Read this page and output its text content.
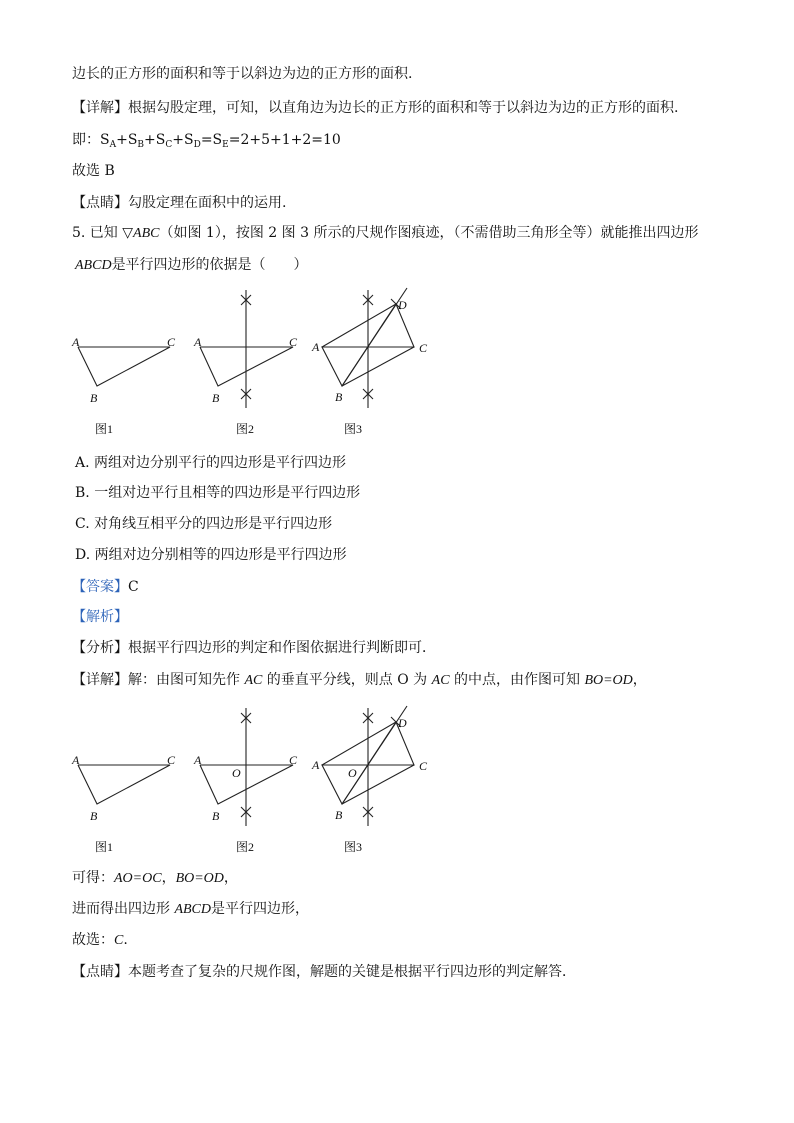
边长的正方形的面积和等于以斜边为边的正方形的面积.
【详解】根据勾股定理，可知，以直角边为边长的正方形的面积和等于以斜边为边的正方形的面积.
即：$S_A+S_B+S_C+S_D=S_E=2+5+1+2=10$
故选 B
【点睛】勾股定理在面积中的运用.
5. 已知 ▽ABC（如图 1），按图 2 图 3 所示的尺规作图痕迹，（不需借助三角形全等）就能推出四边形
ABCD是平行四边形的依据是（　　）
A	C
B
图1
A	C
B
图2
A	C
D
B
图3
A. 两组对边分别平行的四边形是平行四边形
B. 一组对边平行且相等的四边形是平行四边形
C. 对角线互相平分的四边形是平行四边形
D. 两组对边分别相等的四边形是平行四边形
【答案】C
【解析】
【分析】根据平行四边形的判定和作图依据进行判断即可．
【详解】解：由图可知先作 AC 的垂直平分线，则点 O 为 AC 的中点，由作图可知 BO=OD，
A	C
B
图1
A	C
O
B
图2
A	C
D
O
B
图3
可得：AO=OC，BO=OD，
进而得出四边形 ABCD是平行四边形，
故选：C.
【点睛】本题考查了复杂的尺规作图，解题的关键是根据平行四边形的判定解答．
